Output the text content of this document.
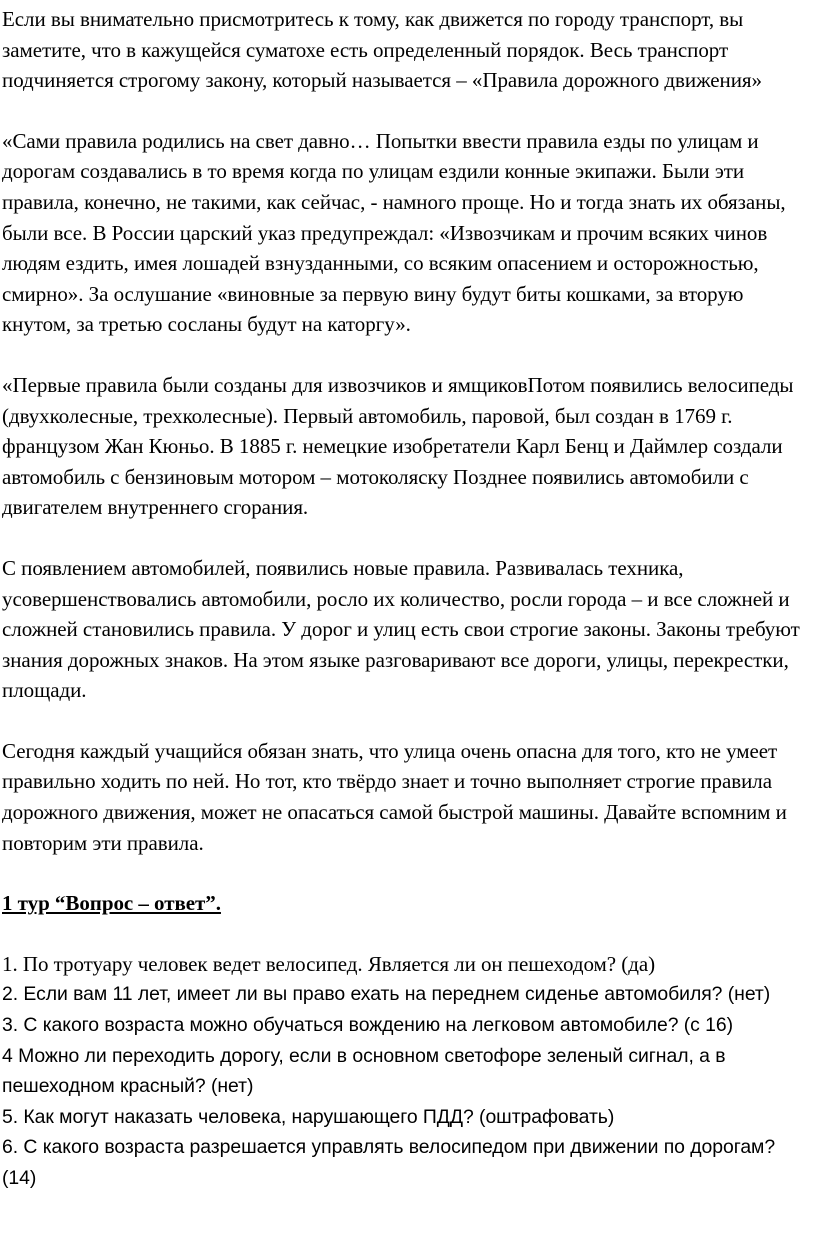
Если вы внимательно присмотритесь к тому, как движется по городу транспорт, вы заметите, что в кажущейся суматохе есть определенный порядок. Весь транспорт подчиняется строгому закону, который называется – «Правила дорожного движения»

«Сами правила родились на свет давно… Попытки ввести правила езды по улицам и дорогам создавались в то время когда по улицам ездили конные экипажи. Были эти правила, конечно, не такими, как сейчас, - намного проще. Но и тогда знать их обязаны, были все. В России царский указ предупреждал: «Извозчикам и прочим всяких чинов людям ездить, имея лошадей взнузданными, со всяким опасением и осторожностью, смирно». За ослушание «виновные за первую вину будут биты кошками, за вторую кнутом, за третью сосланы будут на каторгу».

«Первые правила были созданы для извозчиков и ямщиковПотом появились велосипеды (двухколесные, трехколесные). Первый автомобиль, паровой, был создан в 1769 г. французом Жан Кюньо. В 1885 г. немецкие изобретатели Карл Бенц и Даймлер создали автомобиль с бензиновым мотором – мотоколяску Позднее появились автомобили с двигателем внутреннего сгорания.

С появлением автомобилей, появились новые правила. Развивалась техника, усовершенствовались автомобили, росло их количество, росли города – и все сложней и сложней становились правила. У дорог и улиц есть свои строгие законы. Законы требуют знания дорожных знаков. На этом языке разговаривают все дороги, улицы, перекрестки, площади.

Сегодня каждый учащийся обязан знать, что улица очень опасна для того, кто не умеет правильно ходить по ней. Но тот, кто твёрдо знает и точно выполняет строгие правила дорожного движения, может не опасаться самой быстрой машины. Давайте вспомним и повторим эти правила.

1 тур “Вопрос – ответ”.

1. По тротуару человек ведет велосипед. Является ли он пешеходом? (да)

2. Если вам 11 лет, имеет ли вы право ехать на переднем сиденье автомобиля? (нет)

3. С какого возраста можно обучаться вождению на легковом автомобиле? (с 16)

4 Можно ли переходить дорогу, если в основном светофоре зеленый сигнал, а в пешеходном красный? (нет)

5. Как могут наказать человека, нарушающего ПДД? (оштрафовать)

6. С какого возраста разрешается управлять велосипедом при движении по дорогам? (14)
